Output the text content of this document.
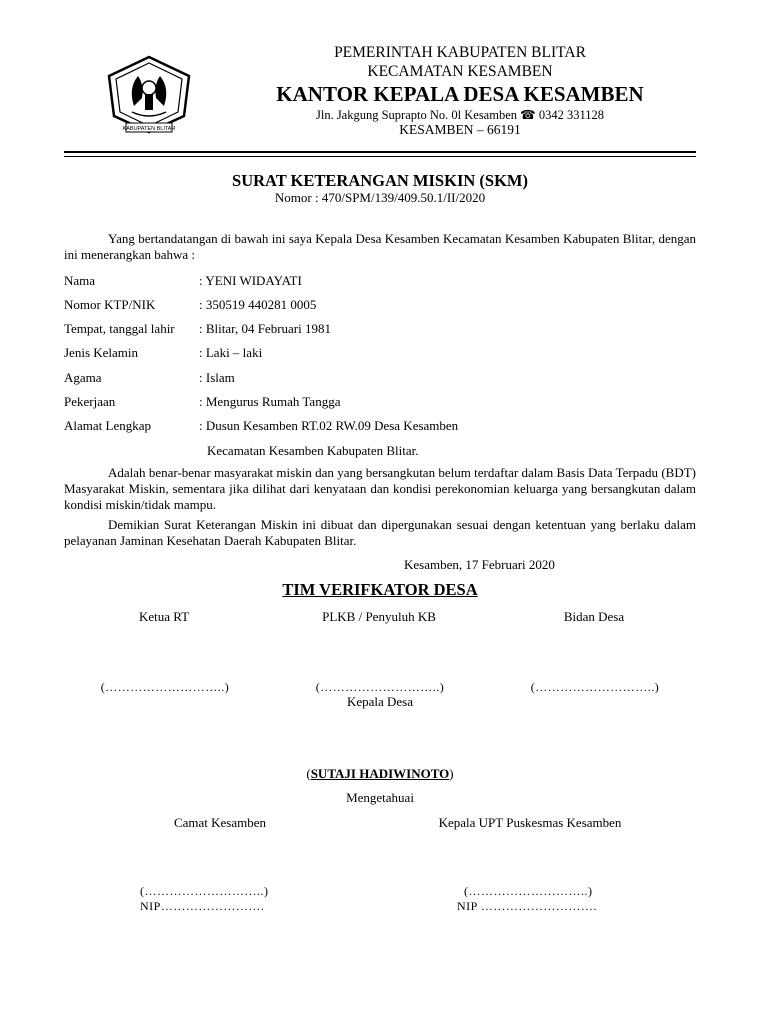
KABUPATEN BLITAR
PEMERINTAH KABUPATEN BLITAR
KECAMATAN KESAMBEN
KANTOR KEPALA DESA KESAMBEN
Jln. Jakgung Suprapto No. 0l Kesamben ☎ 0342 331128
KESAMBEN – 66191
SURAT KETERANGAN MISKIN (SKM)
Nomor : 470/SPM/139/409.50.1/II/2020
Yang bertandatangan di bawah ini saya Kepala Desa Kesamben Kecamatan Kesamben Kabupaten Blitar, dengan ini menerangkan bahwa :
Nama	: YENI WIDAYATI
Nomor KTP/NIK	: 350519 440281 0005
Tempat, tanggal lahir : Blitar, 04 Februari 1981
Jenis Kelamin	: Laki – laki
Agama	: Islam
Pekerjaan	: Mengurus Rumah Tangga
Alamat Lengkap	: Dusun Kesamben RT.02 RW.09 Desa Kesamben
Kecamatan Kesamben Kabupaten Blitar.
Adalah benar-benar masyarakat miskin dan yang bersangkutan belum terdaftar dalam Basis Data Terpadu (BDT) Masyarakat Miskin, sementara jika dilihat dari kenyataan dan kondisi perekonomian keluarga yang bersangkutan dalam kondisi miskin/tidak mampu.
Demikian Surat Keterangan Miskin ini dibuat dan dipergunakan sesuai dengan ketentuan yang berlaku dalam pelayanan Jaminan Kesehatan Daerah Kabupaten Blitar.
Kesamben, 17 Februari 2020
TIM VERIFKATOR DESA
Ketua RT	PLKB / Penyuluh KB	Bidan Desa
(………………………..)	(………………………..)	(………………………..)
Kepala Desa
(SUTAJI HADIWINOTO)
Mengetahuai
Camat Kesamben	Kepala UPT Puskesmas Kesamben
(………………………..)	(………………………..)
NIP…………………….	NIP ……………………….
